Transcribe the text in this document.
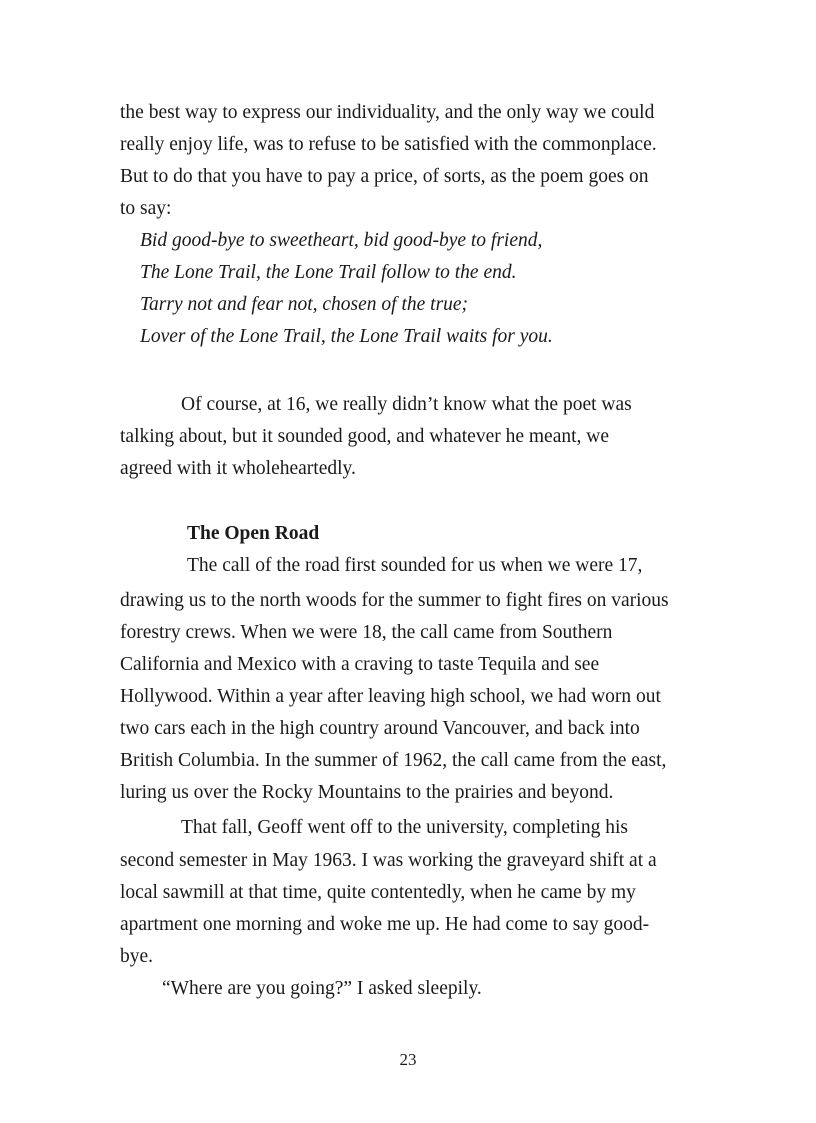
the best way to express our individuality, and the only way we could

really enjoy life, was to refuse to be satisfied with the commonplace.

But to do that you have to pay a price, of sorts, as the poem goes on

to say:

Bid good-bye to sweetheart, bid good-bye to friend,

The Lone Trail, the Lone Trail follow to the end.

Tarry not and fear not, chosen of the true;

Lover of the Lone Trail, the Lone Trail waits for you.

Of course, at 16, we really didn’t know what the poet was

talking about, but it sounded good, and whatever he meant, we

agreed with it wholeheartedly.

The Open Road

The call of the road first sounded for us when we were 17,

drawing us to the north woods for the summer to fight fires on various

forestry crews. When we were 18, the call came from Southern

California and Mexico with a craving to taste Tequila and see

Hollywood. Within a year after leaving high school, we had worn out

two cars each in the high country around Vancouver, and back into

British Columbia. In the summer of 1962, the call came from the east,

luring us over the Rocky Mountains to the prairies and beyond.

That fall, Geoff went off to the university, completing his

second semester in May 1963. I was working the graveyard shift at a

local sawmill at that time, quite contentedly, when he came by my

apartment one morning and woke me up. He had come to say good-

bye.

“Where are you going?” I asked sleepily.

23
